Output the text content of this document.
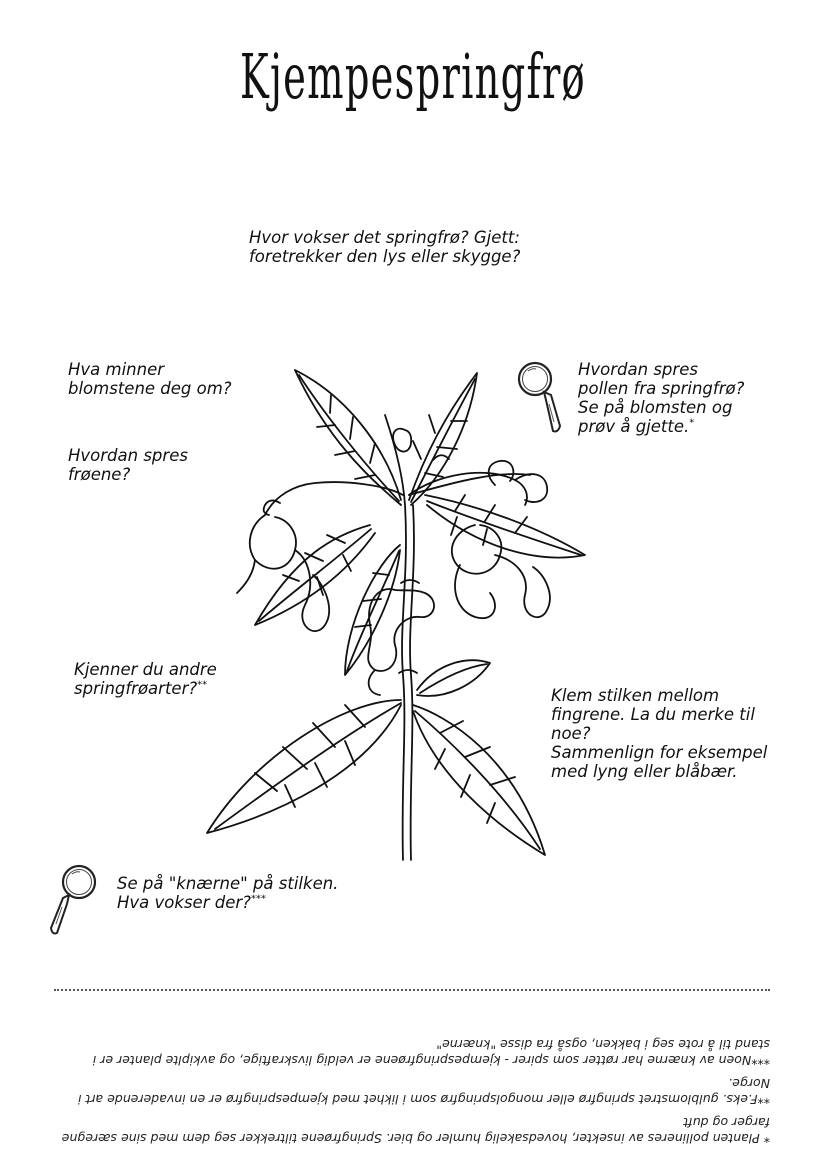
Kjempespringfrø
Hvor vokser det springfrø? Gjett:
foretrekker den lys eller skygge?
Hva minner
blomstene deg om?
Hvordan spres
frøene?
Hvordan spres
pollen fra springfrø?
Se på blomsten og
prøv å gjette.*
Kjenner du andre
springfrøarter?**
Klem stilken mellom
fingrene. La du merke til
noe?
Sammenlign for eksempel
med lyng eller blåbær.
Se på "knærne" på stilken.
Hva vokser der?***

* Planten pollineres av insekter, hovedsakelig humler og bier. Springfrøene tiltrekker seg dem med sine særegne farger og duft

**F.eks. gulblomstret springfrø eller mongolspringfrø som i likhet med kjempespringfrø er en invaderende art i Norge.

***Noen av knærne har røtter som spirer - kjempespringfrøene er veldig livskraftige, og avkiplte planter er i stand til å rote seg i bakken, også fra disse "knærne"
